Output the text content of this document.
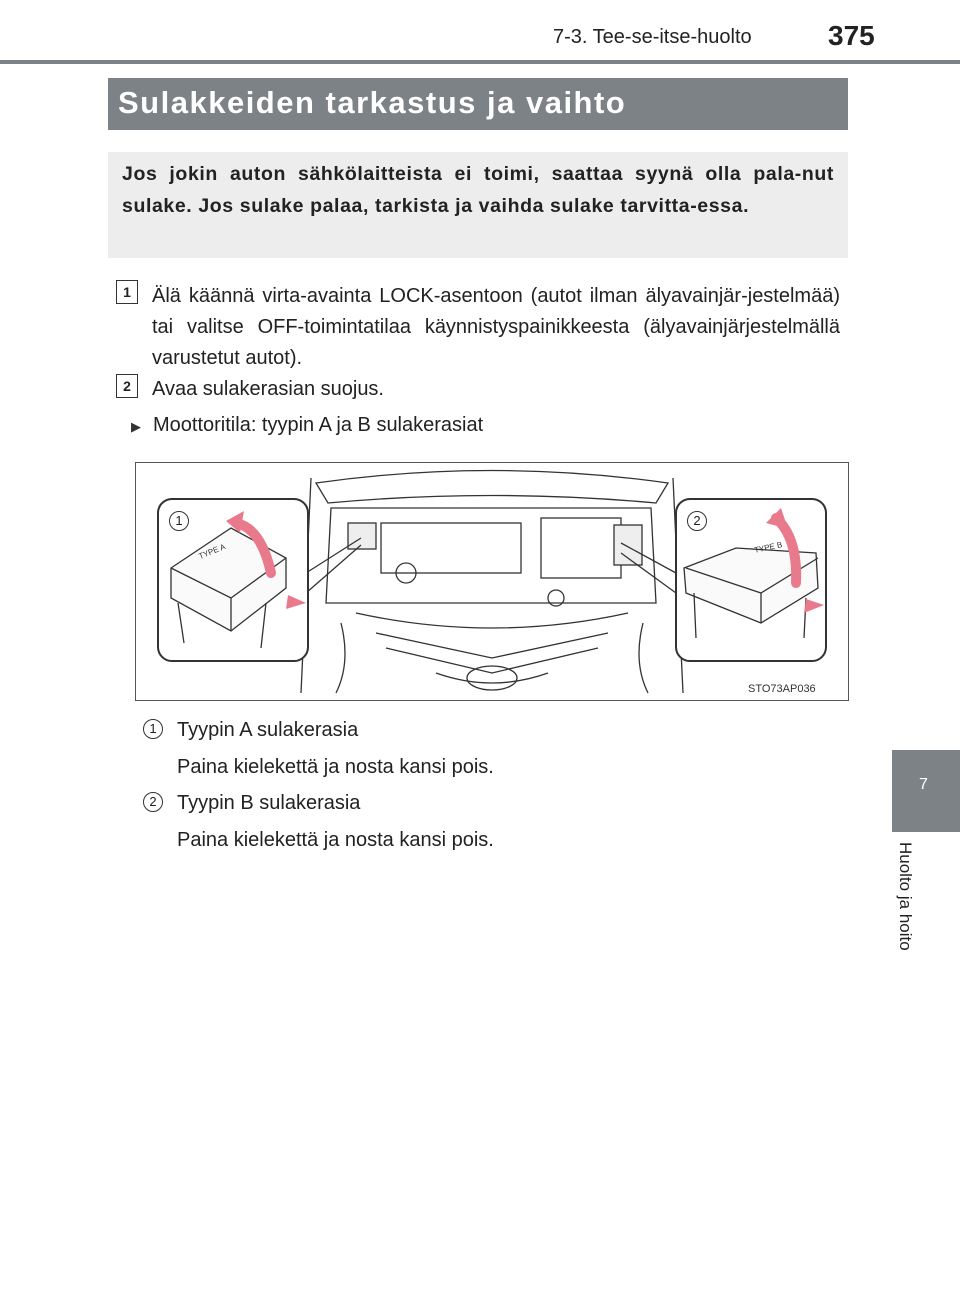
7-3. Tee-se-itse-huolto	375
Sulakkeiden tarkastus ja vaihto
Jos jokin auton sähkölaitteista ei toimi, saattaa syynä olla pala-nut sulake. Jos sulake palaa, tarkista ja vaihda sulake tarvitta-essa.
1	Älä käännä virta-avainta LOCK-asentoon (autot ilman älyavainjär-jestelmää) tai valitse OFF-toimintatilaa käynnistyspainikkeesta (älyavainjärjestelmällä varustetut autot).
2	Avaa sulakerasian suojus.
▶ Moottoritila: tyypin A ja B sulakerasiat
1	2
TYPE A	TYPE B
STO73AP036
1	Tyypin A sulakerasia
Paina kielekettä ja nosta kansi pois.
2	Tyypin B sulakerasia
Paina kielekettä ja nosta kansi pois.
7
Huolto ja hoito
